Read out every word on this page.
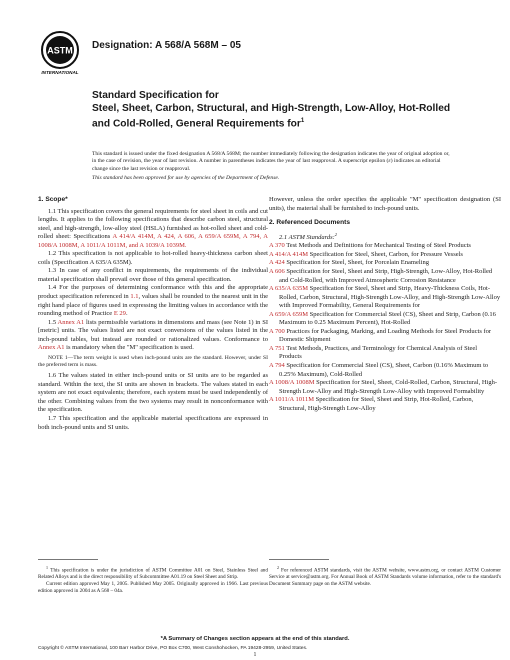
ASTM
INTERNATIONAL
Designation: A 568/A 568M – 05

Standard Specification for

Steel, Sheet, Carbon, Structural, and High-Strength, Low-Alloy, Hot-Rolled and Cold-Rolled, General Requirements for$^1$

This standard is issued under the fixed designation A 568/A 568M; the number immediately following the designation indicates the year of original adoption or, in the case of revision, the year of last revision. A number in parentheses indicates the year of last reapproval. A superscript epsilon (ε) indicates an editorial change since the last revision or reapproval.

This standard has been approved for use by agencies of the Department of Defense.

1. Scope*

1.1 This specification covers the general requirements for steel sheet in coils and cut lengths. It applies to the following specifications that describe carbon steel, structural steel, and high-strength, low-alloy steel (HSLA) furnished as hot-rolled sheet and cold-rolled sheet: Specifications A 414/A 414M, A 424, A 606, A 659/A 659M, A 794, A 1008/A 1008M, A 1011/A 1011M, and A 1039/A 1039M.

1.2 This specification is not applicable to hot-rolled heavy-thickness carbon sheet coils (Specification A 635/A 635M).

1.3 In case of any conflict in requirements, the requirements of the individual material specification shall prevail over those of this general specification.

1.4 For the purposes of determining conformance with this and the appropriate product specification referenced in 1.1, values shall be rounded to the nearest unit in the right hand place of figures used in expressing the limiting values in accordance with the rounding method of Practice E 29.

1.5 Annex A1 lists permissible variations in dimensions and mass (see Note 1) in SI [metric] units. The values listed are not exact conversions of the values listed in the inch-pound tables, but instead are rounded or rationalized values. Conformance to Annex A1 is mandatory when the "M" specification is used.

NOTE 1—The term weight is used when inch-pound units are the standard. However, under SI the preferred term is mass.

1.6 The values stated in either inch-pound units or SI units are to be regarded as standard. Within the text, the SI units are shown in brackets. The values stated in each system are not exact equivalents; therefore, each system must be used independently of the other. Combining values from the two systems may result in nonconformance with the specification.

1.7 This specification and the applicable material specifications are expressed in both inch-pound units and SI units.

However, unless the order specifies the applicable "M" specification designation (SI units), the material shall be furnished to inch-pound units.

2. Referenced Documents

2.1 ASTM Standards:$^2$

A 370 Test Methods and Definitions for Mechanical Testing of Steel Products

A 414/A 414M Specification for Steel, Sheet, Carbon, for Pressure Vessels

A 424 Specification for Steel, Sheet, for Porcelain Enameling

A 606 Specification for Steel, Sheet and Strip, High-Strength, Low-Alloy, Hot-Rolled and Cold-Rolled, with Improved Atmospheric Corrosion Resistance

A 635/A 635M Specification for Steel, Sheet and Strip, Heavy-Thickness Coils, Hot-Rolled, Carbon, Structural, High-Strength Low-Alloy, and High-Strength Low-Alloy with Improved Formability, General Requirements for

A 659/A 659M Specification for Commercial Steel (CS), Sheet and Strip, Carbon (0.16 Maximum to 0.25 Maximum Percent), Hot-Rolled

A 700 Practices for Packaging, Marking, and Loading Methods for Steel Products for Domestic Shipment

A 751 Test Methods, Practices, and Terminology for Chemical Analysis of Steel Products

A 794 Specification for Commercial Steel (CS), Sheet, Carbon (0.16% Maximum to 0.25% Maximum), Cold-Rolled

A 1008/A 1008M Specification for Steel, Sheet, Cold-Rolled, Carbon, Structural, High-Strength Low-Alloy and High-Strength Low-Alloy with Improved Formability

A 1011/A 1011M Specification for Steel, Sheet and Strip, Hot-Rolled, Carbon, Structural, High-Strength Low-Alloy

$^1$ This specification is under the jurisdiction of ASTM Committee A01 on Steel, Stainless Steel and Related Alloys and is the direct responsibility of Subcommittee A01.19 on Steel Sheet and Strip.

Current edition approved May 1, 2005. Published May 2005. Originally approved in 1966. Last previous edition approved in 2004 as A 568 – 04a.

$^2$ For referenced ASTM standards, visit the ASTM website, www.astm.org, or contact ASTM Customer Service at service@astm.org. For Annual Book of ASTM Standards volume information, refer to the standard's Document Summary page on the ASTM website.

*A Summary of Changes section appears at the end of this standard.
Copyright © ASTM International, 100 Barr Harbor Drive, PO Box C700, West Conshohocken, PA 19428-2959, United States.
1
